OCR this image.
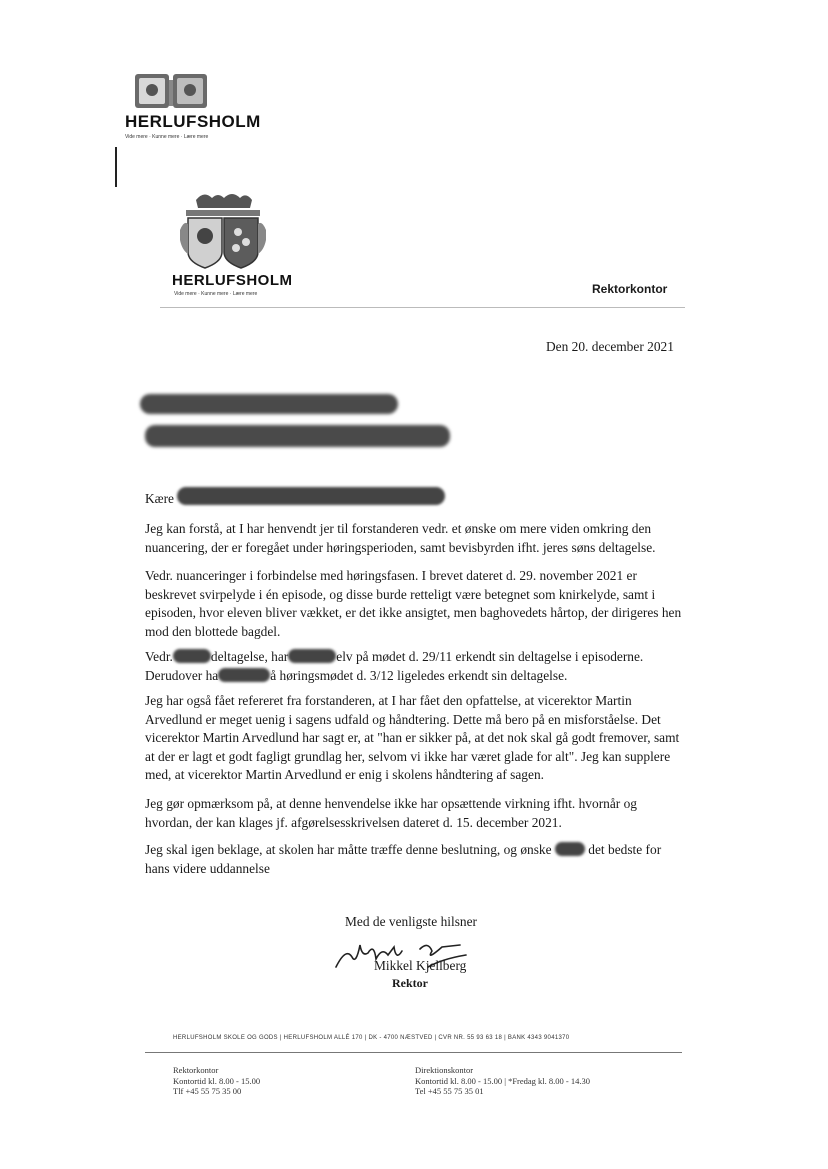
HERLUFSHOLM
Vide mere · Kunne mere · Lære mere
HERLUFSHOLM
Vide mere · Kunne mere · Lære mere	Rektorkontor
Den 20. december 2021
Kære

Jeg kan forstå, at I har henvendt jer til forstanderen vedr. et ønske om mere viden omkring den nuancering, der er foregået under høringsperioden, samt bevisbyrden ifht. jeres søns deltagelse.

Vedr. nuanceringer i forbindelse med høringsfasen. I brevet dateret d. 29. november 2021 er beskrevet svirpelyde i én episode, og disse burde retteligt være betegnet som knirkelyde, samt i episoden, hvor eleven bliver vækket, er det ikke ansigtet, men baghovedets hårtop, der dirigeres hen mod den blottede bagdel.

Vedr.	deltagelse, har	elv på mødet d. 29/11 erkendt sin deltagelse i episoderne.
Derudover ha	å høringsmødet d. 3/12 ligeledes erkendt sin deltagelse.

Jeg har også fået refereret fra forstanderen, at I har fået den opfattelse, at vicerektor Martin Arvedlund er meget uenig i sagens udfald og håndtering. Dette må bero på en misforståelse. Det vicerektor Martin Arvedlund har sagt er, at "han er sikker på, at det nok skal gå godt fremover, samt at der er lagt et godt fagligt grundlag her, selvom vi ikke har været glade for alt". Jeg kan supplere med, at vicerektor Martin Arvedlund er enig i skolens håndtering af sagen.

Jeg gør opmærksom på, at denne henvendelse ikke har opsættende virkning ifht. hvornår og hvordan, der kan klages jf. afgørelsesskrivelsen dateret d. 15. december 2021.

Jeg skal igen beklage, at skolen har måtte træffe denne beslutning, og ønske	det bedste for hans videre uddannelse

Med de venligste hilsner
Mikkel Kjellberg
Rektor
HERLUFSHOLM SKOLE OG GODS | HERLUFSHOLM ALLÉ 170 | DK - 4700 NÆSTVED | CVR NR. 55 93 63 18 | BANK 4343 9041370
Rektorkontor
Kontortid kl. 8.00 - 15.00
Tlf +45 55 75 35 00
Direktionskontor
Kontortid kl. 8.00 - 15.00 | *Fredag kl. 8.00 - 14.30
Tel +45 55 75 35 01
